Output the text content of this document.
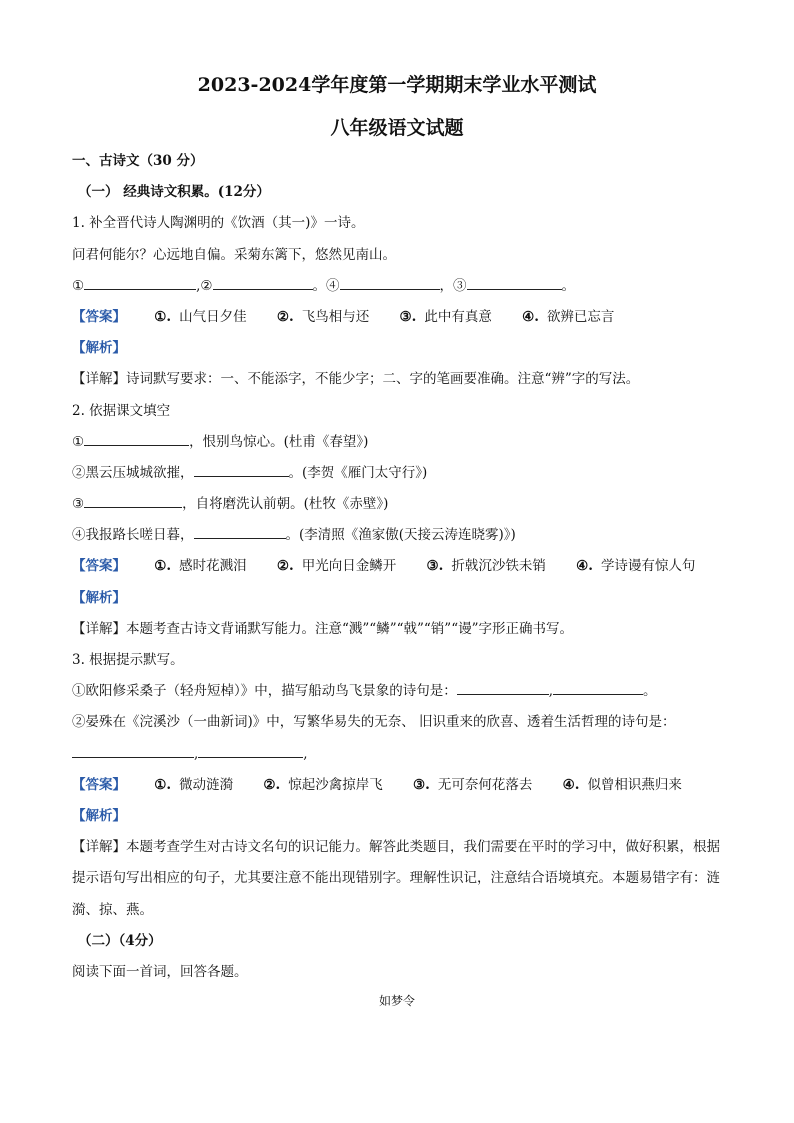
2023-2024学年度第一学期期末学业水平测试
八年级语文试题
一、古诗文（30 分）
（一） 经典诗文积累。(12分）
1. 补全晋代诗人陶渊明的《饮酒（其一)》一诗。
问君何能尔？心远地自偏。采菊东篱下，悠然见南山。
①	,②	。④	，③	。
【答案】 ①. 山气日夕佳 ②. 飞鸟相与还 ③. 此中有真意 ④. 欲辨已忘言
【解析】
【详解】诗词默写要求：一、不能添字，不能少字；二、字的笔画要准确。注意“辨”字的写法。
2. 依据课文填空
①	，恨别鸟惊心。(杜甫《春望》)
②黑云压城城欲摧，	。(李贺《雁门太守行》)
③	，自将磨洗认前朝。(杜牧《赤壁》)
④我报路长嗟日暮，	。(李清照《渔家傲(天接云涛连晓雾)》)
【答案】 ①. 感时花溅泪 ②. 甲光向日金鳞开 ③. 折戟沉沙铁未销 ④. 学诗谩有惊人句
【解析】
【详解】本题考查古诗文背诵默写能力。注意“溅”“鳞”“戟”“销”“谩”字形正确书写。
3. 根据提示默写。
①欧阳修采桑子（轻舟短棹）》中，描写船动鸟飞景象的诗句是：	,	。
②晏殊在《浣溪沙（一曲新词)》中，写繁华易失的无奈、 旧识重来的欣喜、透着生活哲理的诗句是：
,	,
【答案】 ①. 微动涟漪 ②. 惊起沙禽掠岸飞 ③. 无可奈何花落去 ④. 似曾相识燕归来
【解析】
【详解】本题考查学生对古诗文名句的识记能力。解答此类题目，我们需要在平时的学习中，做好积累，根据提示语句写出相应的句子，尤其要注意不能出现错别字。理解性识记，注意结合语境填充。本题易错字有：涟漪、掠、燕。
（二）（4分）
阅读下面一首词，回答各题。
如梦令
